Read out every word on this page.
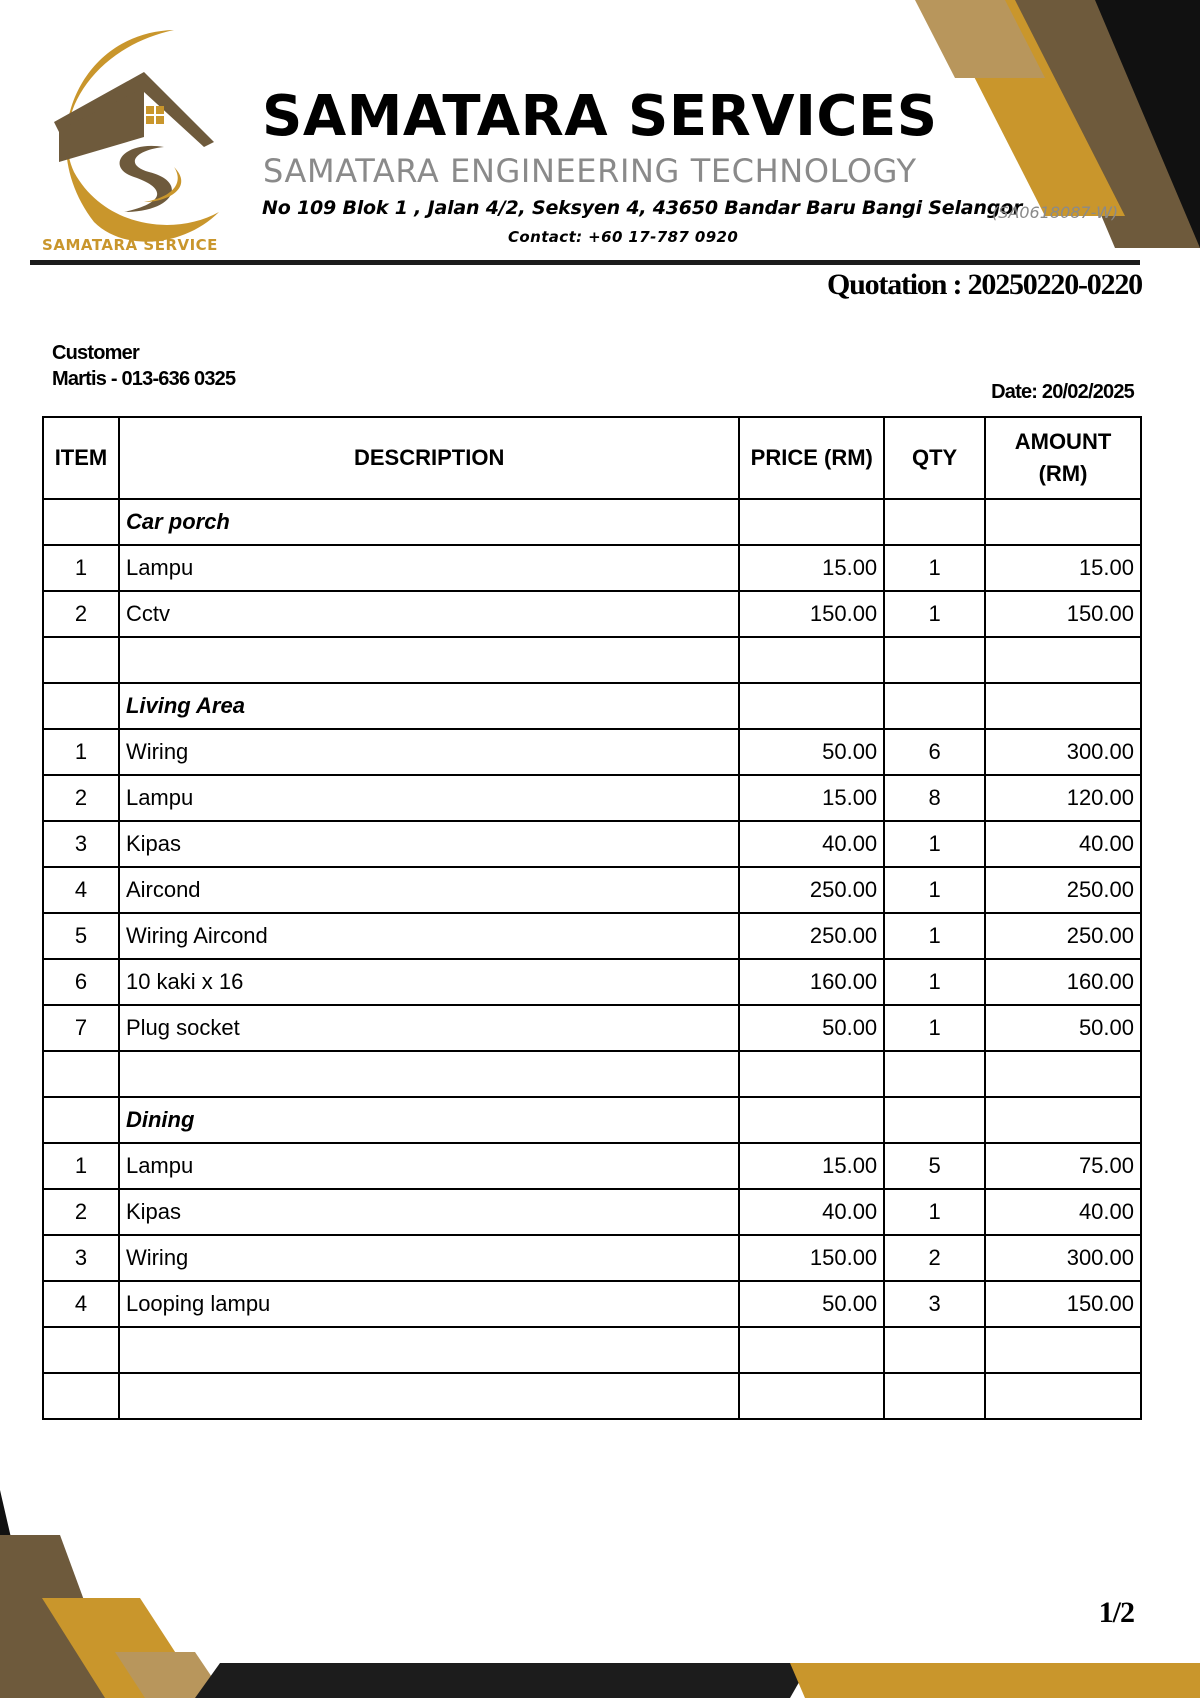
SAMATARA SERVICE
SAMATARA SERVICES
SAMATARA ENGINEERING TECHNOLOGY
No 109 Blok 1 , Jalan 4/2, Seksyen 4, 43650 Bandar Baru Bangi Selangor
(SA0618087-W)
Contact: +60 17-787 0920
Quotation : 20250220-0220
Customer
Martis - 013-636 0325
Date: 20/02/2025
ITEM	DESCRIPTION	PRICE (RM)	QTY	AMOUNT (RM)
	Car porch			
1	Lampu	15.00	1	15.00
2	Cctv	150.00	1	150.00

	Living Area			
1	Wiring	50.00	6	300.00
2	Lampu	15.00	8	120.00
3	Kipas	40.00	1	40.00
4	Aircond	250.00	1	250.00
5	Wiring Aircond	250.00	1	250.00
6	10 kaki x 16	160.00	1	160.00
7	Plug socket	50.00	1	50.00

	Dining			
1	Lampu	15.00	5	75.00
2	Kipas	40.00	1	40.00
3	Wiring	150.00	2	300.00
4	Looping lampu	50.00	3	150.00

1/2
